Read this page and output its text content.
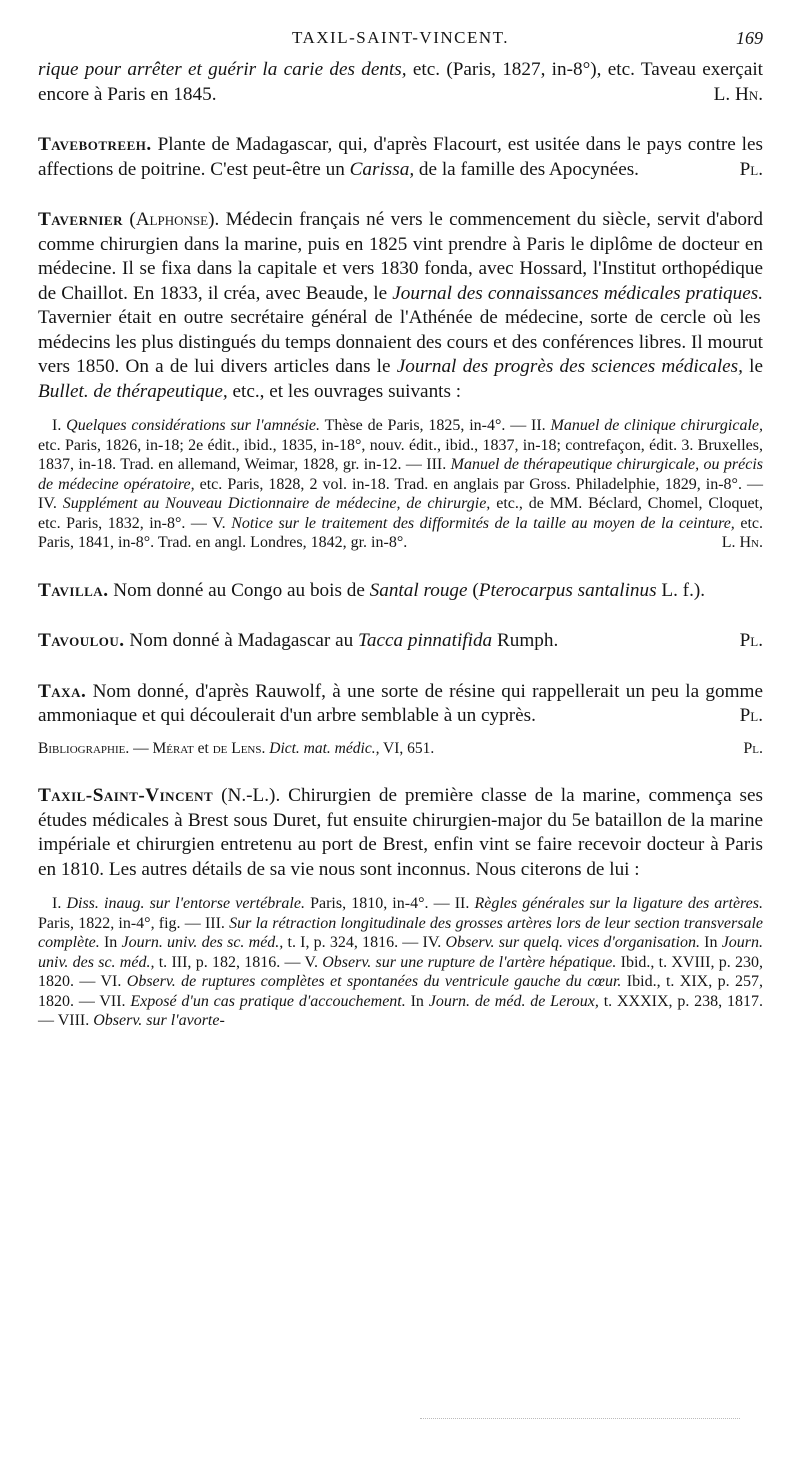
TAXIL-SAINT-VINCENT.	169

rique pour arrêter et guérir la carie des dents, etc. (Paris, 1827, in-8°), etc. Taveau exerçait encore à Paris en 1845.	L. Hn.

Tavebotreeh. Plante de Madagascar, qui, d'après Flacourt, est usitée dans le pays contre les affections de poitrine. C'est peut-être un Carissa, de la famille des Apocynées.	Pl.

Tavernier (Alphonse). Médecin français né vers le commencement du siècle, servit d'abord comme chirurgien dans la marine, puis en 1825 vint prendre à Paris le diplôme de docteur en médecine. Il se fixa dans la capitale et vers 1830 fonda, avec Hossard, l'Institut orthopédique de Chaillot. En 1833, il créa, avec Beaude, le Journal des connaissances médicales pratiques. Tavernier était en outre secrétaire général de l'Athénée de médecine, sorte de cercle où les médecins les plus distingués du temps donnaient des cours et des conférences libres. Il mourut vers 1850. On a de lui divers articles dans le Journal des progrès des sciences médicales, le Bullet. de thérapeutique, etc., et les ouvrages suivants :

I. Quelques considérations sur l'amnésie. Thèse de Paris, 1825, in-4°. — II. Manuel de clinique chirurgicale, etc. Paris, 1826, in-18; 2e édit., ibid., 1835, in-18°, nouv. édit., ibid., 1837, in-18; contrefaçon, édit. 3. Bruxelles, 1837, in-18. Trad. en allemand, Weimar, 1828, gr. in-12. — III. Manuel de thérapeutique chirurgicale, ou précis de médecine opératoire, etc. Paris, 1828, 2 vol. in-18. Trad. en anglais par Gross. Philadelphie, 1829, in-8°. — IV. Supplément au Nouveau Dictionnaire de médecine, de chirurgie, etc., de MM. Béclard, Chomel, Cloquet, etc. Paris, 1832, in-8°. — V. Notice sur le traitement des difformités de la taille au moyen de la ceinture, etc. Paris, 1841, in-8°. Trad. en angl. Londres, 1842, gr. in-8°.	L. Hn.

Tavilla. Nom donné au Congo au bois de Santal rouge (Pterocarpus santalinus L. f.).

Tavoulou. Nom donné à Madagascar au Tacca pinnatifida Rumph.	Pl.

Taxa. Nom donné, d'après Rauwolf, à une sorte de résine qui rappellerait un peu la gomme ammoniaque et qui découlerait d'un arbre semblable à un cyprès.	Pl.

Bibliographie. — Mérat et de Lens. Dict. mat. médic., VI, 651.	Pl.

Taxil-Saint-Vincent (N.-L.). Chirurgien de première classe de la marine, commença ses études médicales à Brest sous Duret, fut ensuite chirurgien-major du 5e bataillon de la marine impériale et chirurgien entretenu au port de Brest, enfin vint se faire recevoir docteur à Paris en 1810. Les autres détails de sa vie nous sont inconnus. Nous citerons de lui :

I. Diss. inaug. sur l'entorse vertébrale. Paris, 1810, in-4°. — II. Règles générales sur la ligature des artères. Paris, 1822, in-4°, fig. — III. Sur la rétraction longitudinale des grosses artères lors de leur section transversale complète. In Journ. univ. des sc. méd., t. I, p. 324, 1816. — IV. Observ. sur quelq. vices d'organisation. In Journ. univ. des sc. méd., t. III, p. 182, 1816. — V. Observ. sur une rupture de l'artère hépatique. Ibid., t. XVIII, p. 230, 1820. — VI. Observ. de ruptures complètes et spontanées du ventricule gauche du cœur. Ibid., t. XIX, p. 257, 1820. — VII. Exposé d'un cas pratique d'accouchement. In Journ. de méd. de Leroux, t. XXXIX, p. 238, 1817. — VIII. Observ. sur l'avorte-
